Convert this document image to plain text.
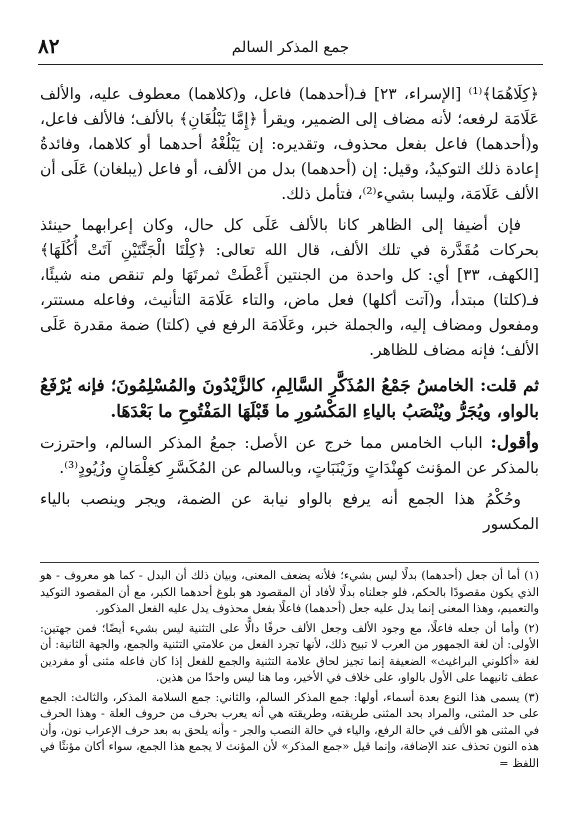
٨٢	جمع المذكر السالم

﴿كِلَاهُمَا﴾⁽¹⁾ [الإسراء، ٢٣] فـ(أحدهما) فاعل، و(كلاهما) معطوف عليه، والألف عَلَامَة لرفعه؛ لأنه مضاف إلى الضمير، ويقرأ ﴿إِمَّا يَبْلُغَانِ﴾ بالألف؛ فالألف فاعل، و(أحدهما) فاعل بفعل محذوف، وتقديره: إن يَبْلُغْهُ أحدهما أو كلاهما، وفائدةُ إعادة ذلك التوكيدُ، وقيل: إن (أحدهما) بدل من الألف، أو فاعل (يبلغان) عَلَى أن الألف عَلَامَة، وليسا بشيء⁽²⁾، فتأمل ذلك.

فإن أضيفا إلى الظاهر كانا بالألف عَلَى كل حال، وكان إعرابهما حينئذ بحركات مُقَدَّرة في تلك الألف، قال الله تعالى: ﴿كِلْتَا الْجَنَّتَيْنِ آتَتْ أُكُلَهَا﴾ [الكهف، ٣٣] أي: كل واحدة من الجنتين أَعْطَتْ ثمرتَهَا ولم تنقص منه شيئًا، فـ(كلتا) مبتدأ، و(آتت أكلها) فعل ماض، والتاء عَلَامَة التأنيث، وفاعله مستتر، ومفعول ومضاف إليه، والجملة خبر، وعَلَامَة الرفع في (كلتا) ضمة مقدرة عَلَى الألف؛ فإنه مضاف للظاهر.

ثم قلت: الخامسُ جَمْعُ المُذَكَّرِ السَّالِمِ، كالزَّيْدُونَ والمُسْلِمُونَ؛ فإنه يُرْفَعُ بالواو، ويُجَرُّ ويُنْصَبُ بالياءِ المَكْسُورِ ما قَبْلَهَا المَفْتُوحِ ما بَعْدَهَا.

وأقول: الباب الخامس مما خرج عن الأصل: جمعُ المذكر السالم، واحترزت بالمذكر عن المؤنث كهِنْدَاتٍ وزَيْنَبَاتٍ، وبالسالم عن المُكَسَّرِ كغِلْمَانٍ وزُيُودٍ⁽³⁾.

وحُكْمُ هذا الجمع أنه يرفع بالواو نيابة عن الضمة، ويجر وينصب بالياء المكسور

(١) أما أن جعل (أحدهما) بدلًا ليس بشيء؛ فلأنه يضعف المعنى، وبيان ذلك أن البدل - كما هو معروف - هو الذي يكون مقصودًا بالحكم، فلو جعلناه بدلًا لأفاد أن المقصود هو بلوغ أحدهما الكبر، مع أن المقصود التوكيد والتعميم، وهذا المعنى إنما يدل عليه جعل (أحدهما) فاعلًا بفعل محذوف يدل عليه الفعل المذكور.

(٢) وأما أن جعله فاعلًا، مع وجود الألف وجعل الألف حرفًا دالًّا على التثنية ليس بشيء أيضًا؛ فمن جهتين: الأولى: أن لغة الجمهور من العرب لا تبيح ذلك، لأنها تجرد الفعل من علامتي التثنية والجمع، والجهة الثانية: أن لغة «أكلوني البراغيث» الضعيفة إنما تجيز لحاق علامة التثنية والجمع للفعل إذا كان فاعله مثنى أو مفردين عطف ثانيهما على الأول بالواو، على خلاف في الأخير، وما هنا ليس واحدًا من هذين.

(٣) يسمى هذا النوع بعدة أسماء، أولها: جمع المذكر السالم، والثاني: جمع السلامة المذكر، والثالث: الجمع على حد المثنى، والمراد بحد المثنى طريقته، وطريقته هي أنه يعرب بحرف من حروف العلة - وهذا الحرف في المثنى هو الألف في حالة الرفع، والياء في حالة النصب والجر - وأنه يلحق به بعد حرف الإعراب نون، وأن هذه النون تحذف عند الإضافة، وإنما قيل «جمع المذكر» لأن المؤنث لا يجمع هذا الجمع، سواء أكان مؤنثًا في اللفظ =
